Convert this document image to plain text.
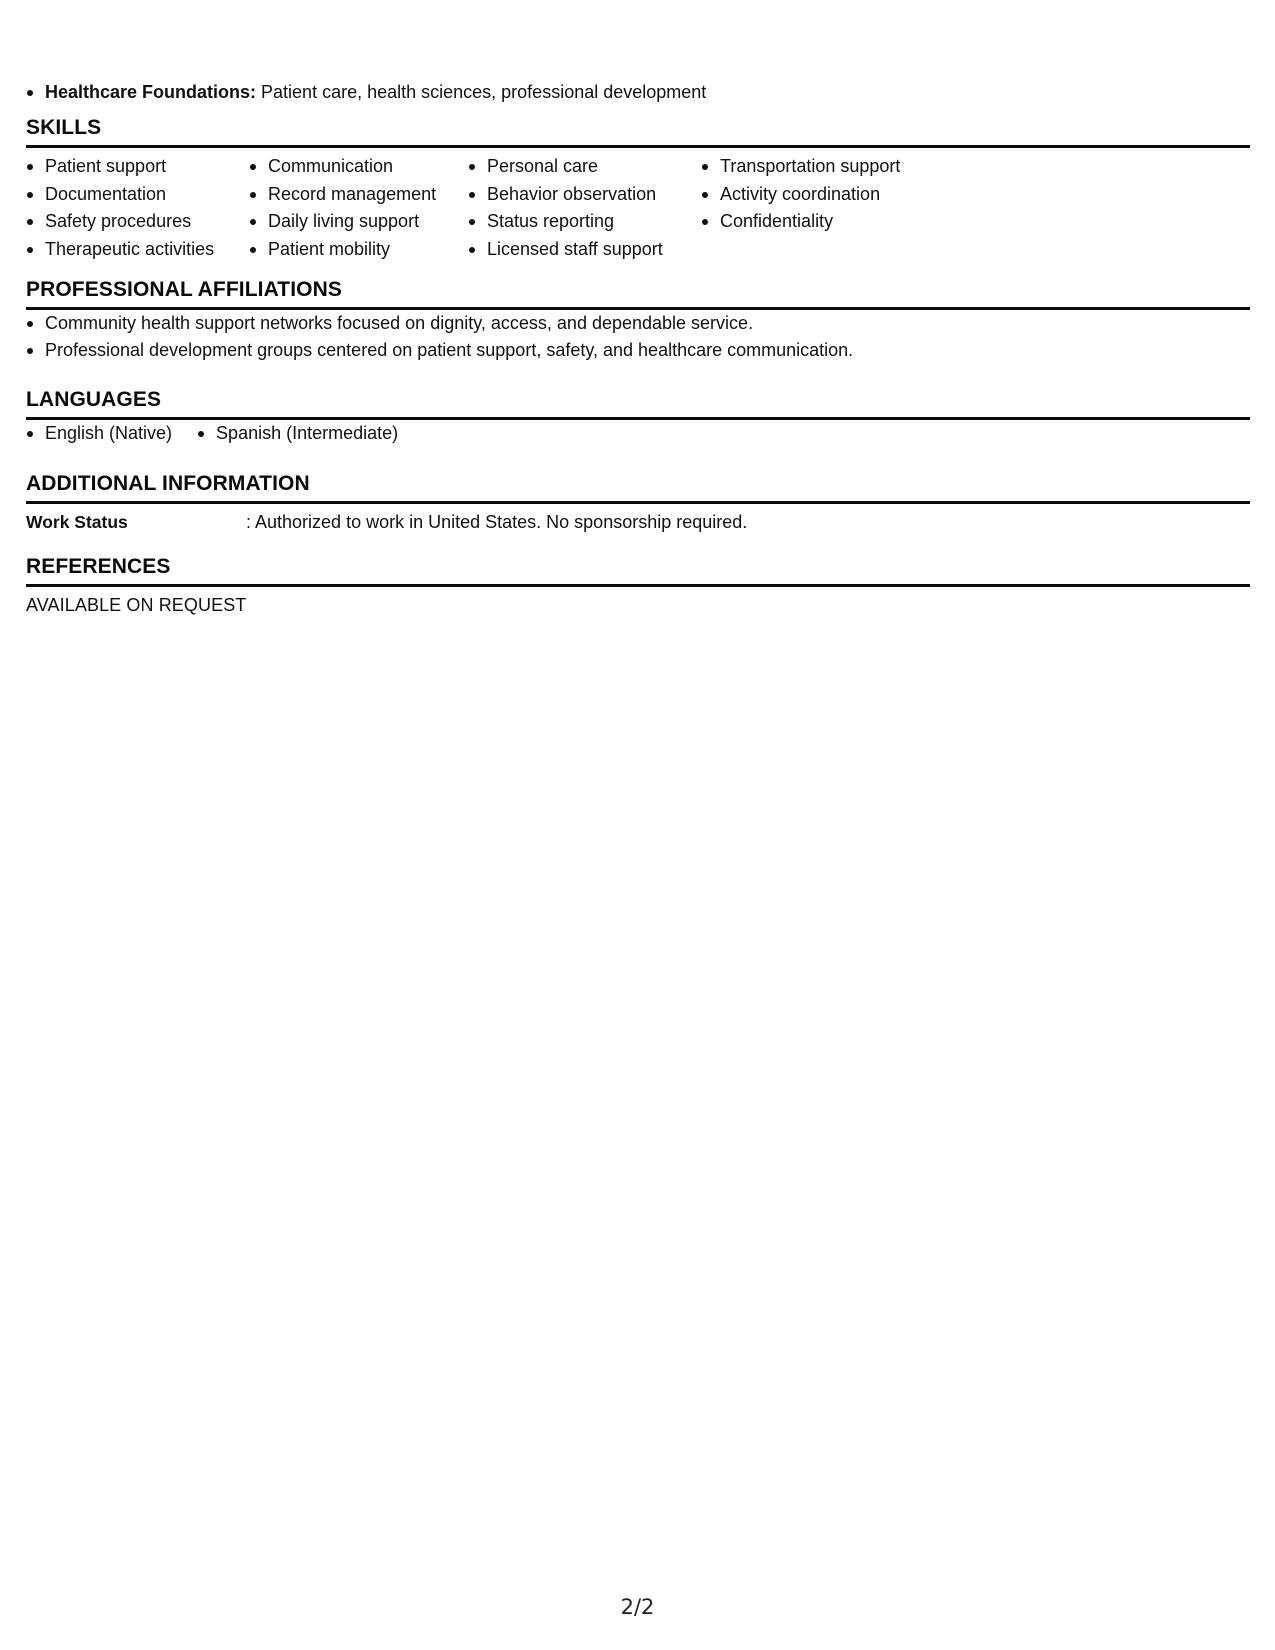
Healthcare Foundations: Patient care, health sciences, professional development
SKILLS
Patient support
Documentation
Safety procedures
Therapeutic activities
Communication
Record management
Daily living support
Patient mobility
Personal care
Behavior observation
Status reporting
Licensed staff support
Transportation support
Activity coordination
Confidentiality
PROFESSIONAL AFFILIATIONS
Community health support networks focused on dignity, access, and dependable service.
Professional development groups centered on patient support, safety, and healthcare communication.
LANGUAGES
English (Native)	Spanish (Intermediate)
ADDITIONAL INFORMATION
Work Status	: Authorized to work in United States. No sponsorship required.
REFERENCES
AVAILABLE ON REQUEST
2/2
